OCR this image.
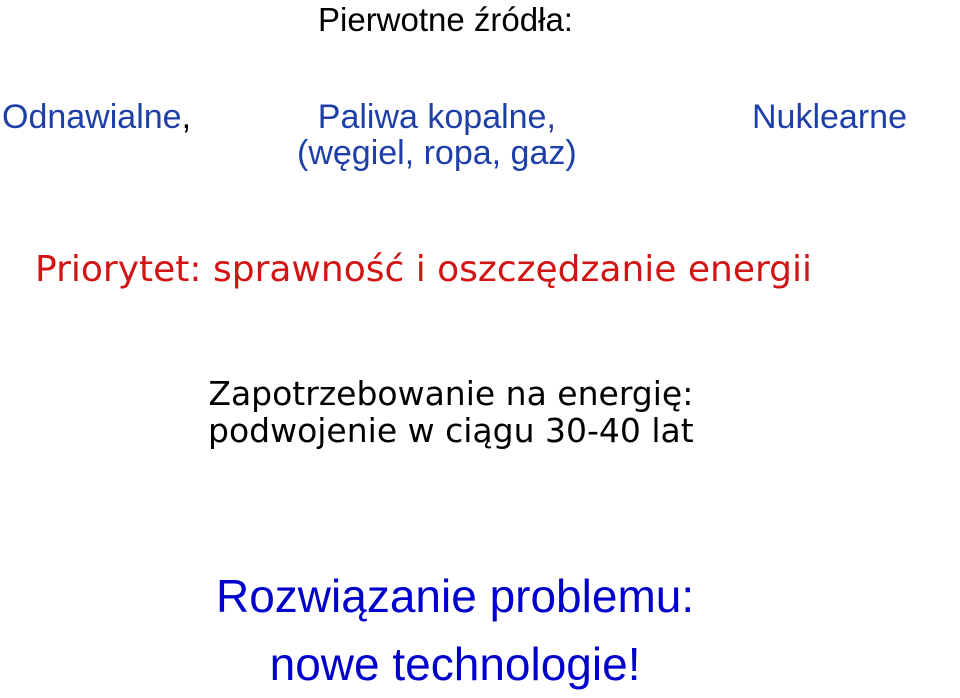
Pierwotne źródła:

Odnawialne,	Paliwa kopalne,
(węgiel, ropa, gaz)

Nuklearne

Priorytet: sprawność i oszczędzanie energii

Zapotrzebowanie na energię:
podwojenie w ciągu 30-40 lat

Rozwiązanie problemu:
nowe technologie!
